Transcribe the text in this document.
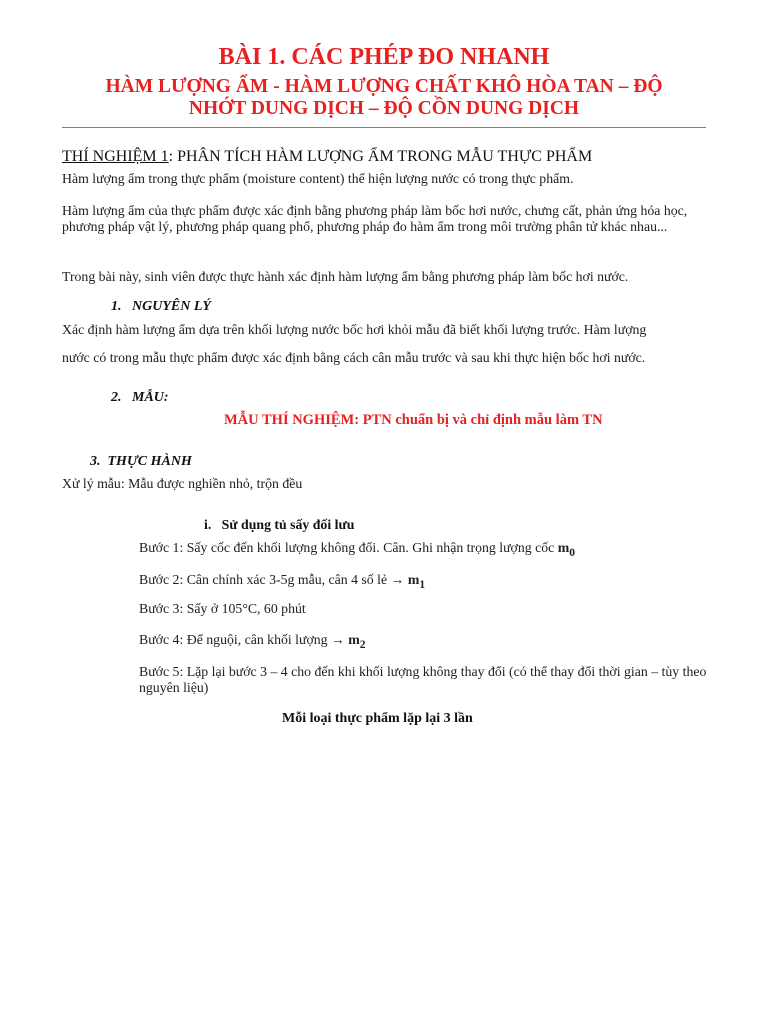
BÀI 1. CÁC PHÉP ĐO NHANH
HÀM LƯỢNG ẨM - HÀM LƯỢNG CHẤT KHÔ HÒA TAN – ĐỘ
NHỚT DUNG DỊCH – ĐỘ CỒN DUNG DỊCH
THÍ NGHIỆM 1: PHÂN TÍCH HÀM LƯỢNG ẨM TRONG MẪU THỰC PHẨM
Hàm lượng ẩm trong thực phẩm (moisture content) thể hiện lượng nước có trong thực phẩm.
Hàm lượng ẩm của thực phẩm được xác định bằng phương pháp làm bốc hơi nước, chưng cất, phản ứng hóa học, phương pháp vật lý, phương pháp quang phổ, phương pháp đo hàm ẩm trong môi trường phân tử khác nhau...
Trong bài này, sinh viên được thực hành xác định hàm lượng ẩm bằng phương pháp làm bốc hơi nước.
1. NGUYÊN LÝ
Xác định hàm lượng ẩm dựa trên khối lượng nước bốc hơi khỏi mẫu đã biết khối lượng trước. Hàm lượng
nước có trong mẫu thực phẩm được xác định bằng cách cân mẫu trước và sau khi thực hiện bốc hơi nước.
2. MẪU:
MẪU THÍ NGHIỆM: PTN chuẩn bị và chỉ định mẫu làm TN
3. THỰC HÀNH
Xử lý mẫu: Mẫu được nghiền nhỏ, trộn đều
i. Sử dụng tủ sấy đối lưu
Bước 1: Sấy cốc đến khối lượng không đổi. Cân. Ghi nhận trọng lượng cốc $m_0$
Bước 2: Cân chính xác 3-5g mẫu, cân 4 số lẻ → $m_1$
Bước 3: Sấy ở 105°C, 60 phút
Bước 4: Để nguội, cân khối lượng → $m_2$
Bước 5: Lặp lại bước 3 – 4 cho đến khi khối lượng không thay đổi (có thể thay đổi thời gian – tùy theo nguyên liệu)
Mỗi loại thực phẩm lặp lại 3 lần
